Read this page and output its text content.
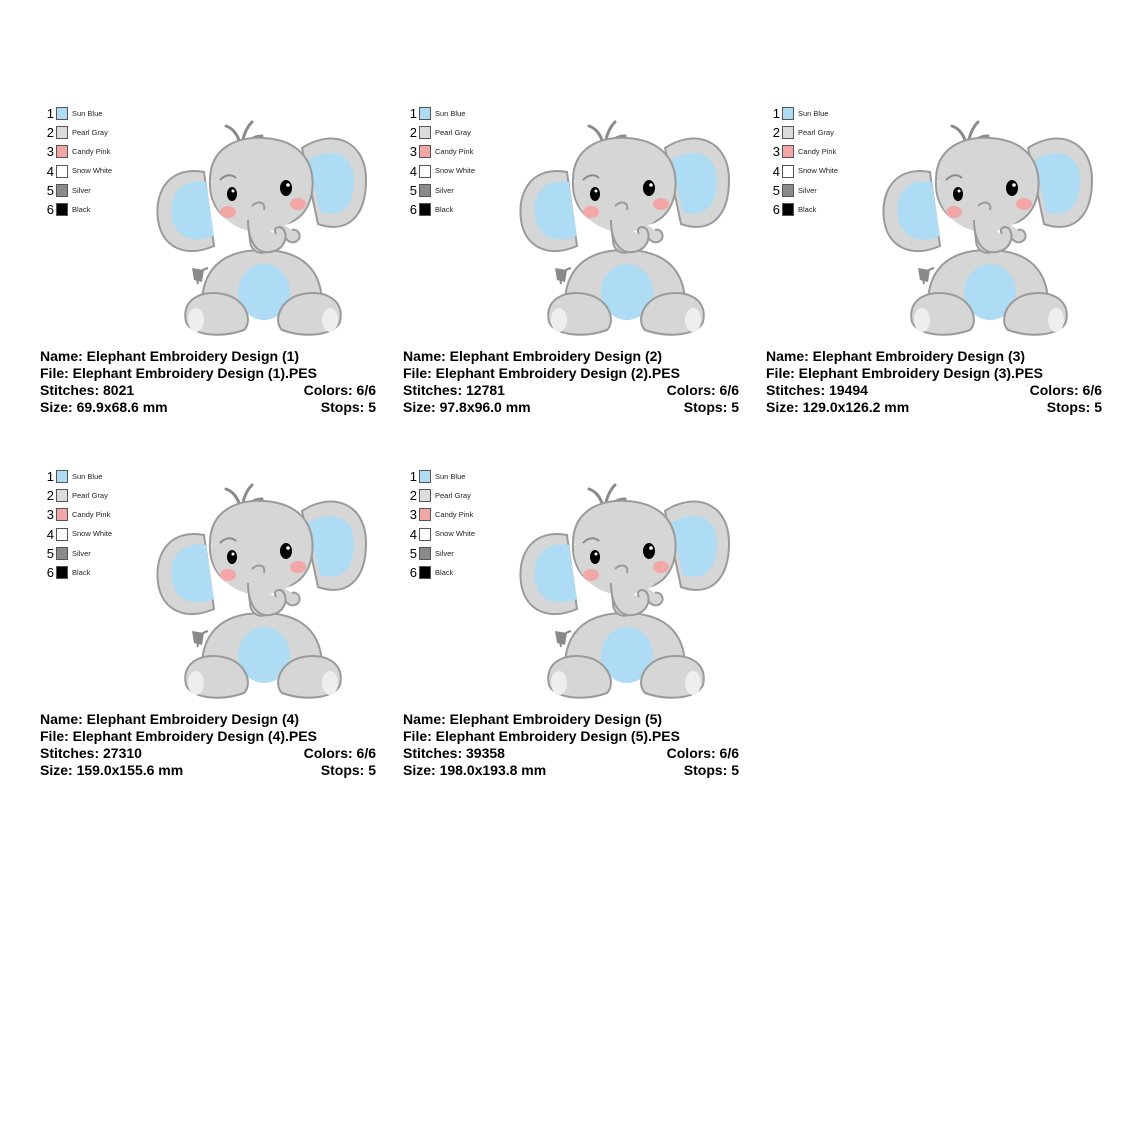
1 Sun Blue
2 Pearl Gray
3 Candy Pink
4 Snow White
5 Silver
6 Black
Name: Elephant Embroidery Design (1)
File: Elephant Embroidery Design (1).PES
Stitches: 8021	Colors: 6/6
Size: 69.9x68.6 mm	Stops: 5
1 Sun Blue
2 Pearl Gray
3 Candy Pink
4 Snow White
5 Silver
6 Black
Name: Elephant Embroidery Design (2)
File: Elephant Embroidery Design (2).PES
Stitches: 12781	Colors: 6/6
Size: 97.8x96.0 mm	Stops: 5
1 Sun Blue
2 Pearl Gray
3 Candy Pink
4 Snow White
5 Silver
6 Black
Name: Elephant Embroidery Design (3)
File: Elephant Embroidery Design (3).PES
Stitches: 19494	Colors: 6/6
Size: 129.0x126.2 mm	Stops: 5
1 Sun Blue
2 Pearl Gray
3 Candy Pink
4 Snow White
5 Silver
6 Black
Name: Elephant Embroidery Design (4)
File: Elephant Embroidery Design (4).PES
Stitches: 27310	Colors: 6/6
Size: 159.0x155.6 mm	Stops: 5
1 Sun Blue
2 Pearl Gray
3 Candy Pink
4 Snow White
5 Silver
6 Black
Name: Elephant Embroidery Design (5)
File: Elephant Embroidery Design (5).PES
Stitches: 39358	Colors: 6/6
Size: 198.0x193.8 mm	Stops: 5
